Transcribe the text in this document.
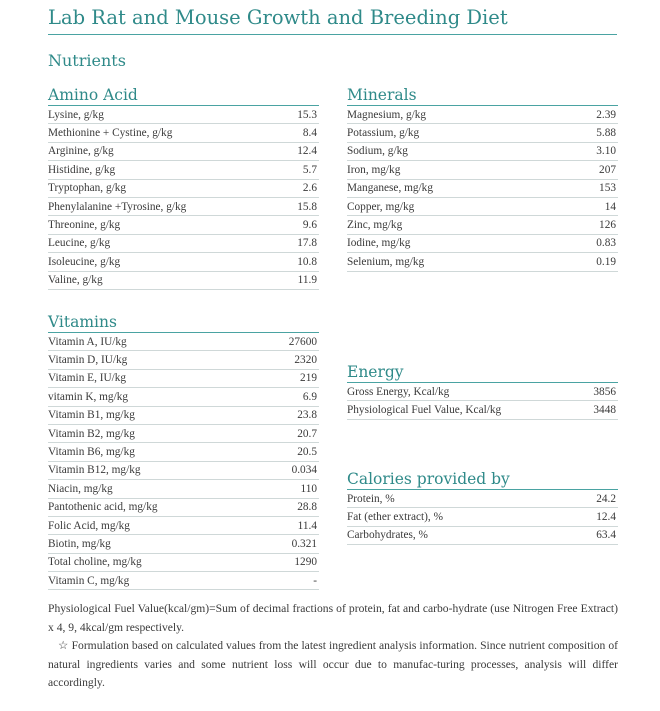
Lab Rat and Mouse Growth and Breeding Diet
Nutrients
Amino Acid
Lysine, g/kg	15.3
Methionine + Cystine, g/kg	8.4
Arginine, g/kg	12.4
Histidine, g/kg	5.7
Tryptophan, g/kg	2.6
Phenylalanine +Tyrosine, g/kg	15.8
Threonine, g/kg	9.6
Leucine, g/kg	17.8
Isoleucine, g/kg	10.8
Valine, g/kg	11.9
Minerals
Magnesium, g/kg	2.39
Potassium, g/kg	5.88
Sodium, g/kg	3.10
Iron, mg/kg	207
Manganese, mg/kg	153
Copper, mg/kg	14
Zinc, mg/kg	126
Iodine, mg/kg	0.83
Selenium, mg/kg	0.19
Vitamins
Vitamin A, IU/kg	27600
Vitamin D, IU/kg	2320
Vitamin E, IU/kg	219
vitamin K, mg/kg	6.9
Vitamin B1, mg/kg	23.8
Vitamin B2, mg/kg	20.7
Vitamin B6, mg/kg	20.5
Vitamin B12, mg/kg	0.034
Niacin, mg/kg	110
Pantothenic acid, mg/kg	28.8
Folic Acid, mg/kg	11.4
Biotin, mg/kg	0.321
Total choline, mg/kg	1290
Vitamin C, mg/kg	-
Energy
Gross Energy, Kcal/kg	3856
Physiological Fuel Value, Kcal/kg	3448
Calories provided by
Protein, %	24.2
Fat (ether extract), %	12.4
Carbohydrates, %	63.4

Physiological Fuel Value(kcal/gm)=Sum of decimal fractions of protein, fat and carbo-hydrate (use Nitrogen Free Extract) x 4, 9, 4kcal/gm respectively.

☆ Formulation based on calculated values from the latest ingredient analysis information. Since nutrient composition of natural ingredients varies and some nutrient loss will occur due to manufac-turing processes, analysis will differ accordingly.
